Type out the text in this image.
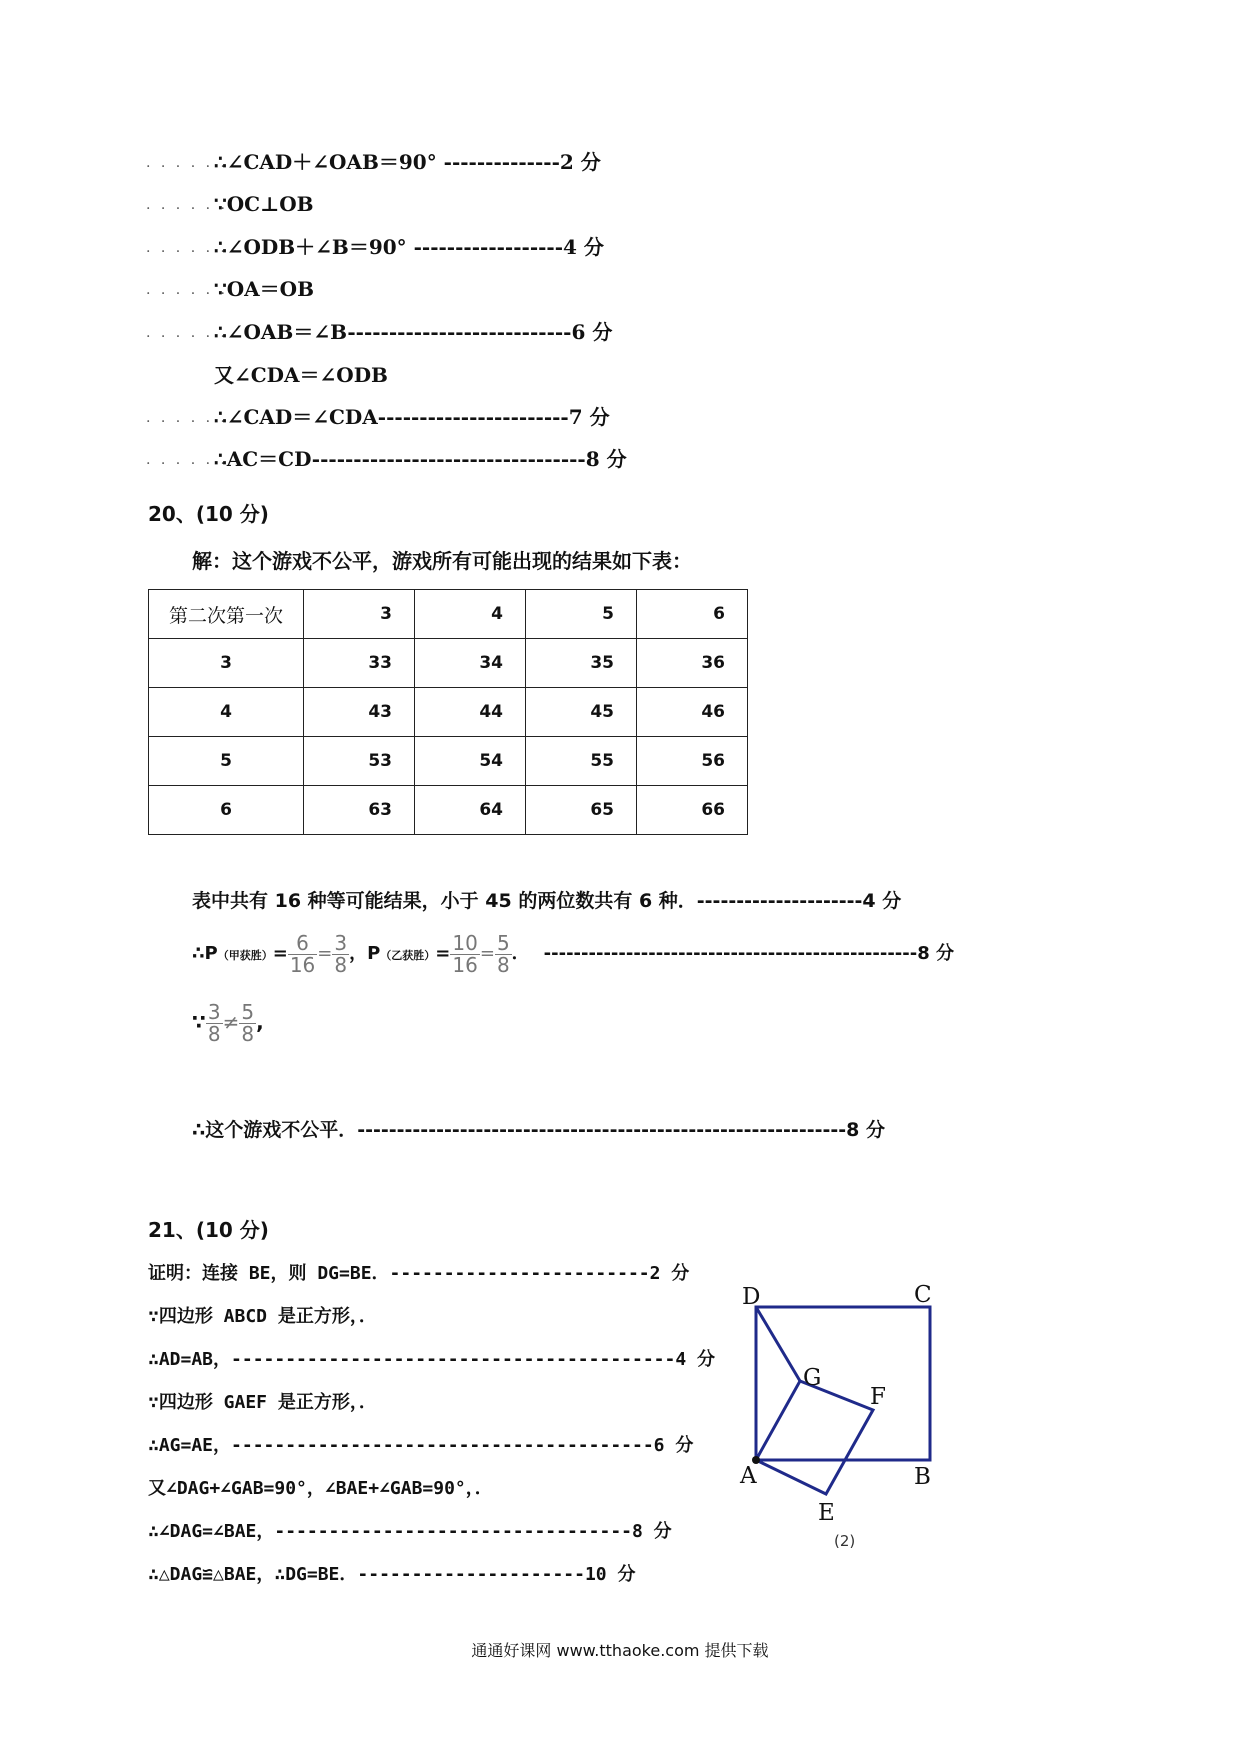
. . . . . .
∴∠CAD＋∠OAB＝90° --------------2 分
. . . . . .
∵OC⊥OB
. . . . . .
∴∠ODB＋∠B＝90° ------------------4 分
. . . . . .
∵OA＝OB
. . . . . .
∴∠OAB＝∠B---------------------------6 分
又∠CDA＝∠ODB
. . . . . .
∴∠CAD＝∠CDA-----------------------7 分
. . . . . .
∴AC＝CD---------------------------------8 分
20、(10 分)
解：这个游戏不公平，游戏所有可能出现的结果如下表：
第二次第一次	3	4	5	6
3	33	34	35	36
4	43	44	45	46
5	53	54	55	56
6	63	64	65	66
表中共有 16 种等可能结果，小于 45 的两位数共有 6 种．---------------------4 分
∴P（甲获胜）= $\frac{6}{16} = \frac{3}{8}$ ，P（乙获胜）= $\frac{10}{16} = \frac{5}{8}$ ． --------------------------------------------------8 分
∵ $\frac{3}{8} \ne \frac{5}{8}$ ,
∴这个游戏不公平．--------------------------------------------------------------8 分
21、(10 分)
证明：连接 BE，则 DG=BE．------------------------2 分
∵四边形 ABCD 是正方形，．
∴AD=AB，-----------------------------------------4 分
∵四边形 GAEF 是正方形，．
∴AG=AE，---------------------------------------6 分
又∠DAG+∠GAB=90°，∠BAE+∠GAB=90°，．
∴∠DAG=∠BAE，---------------------------------8 分
∴△DAG≌△BAE，∴DG=BE．---------------------10 分
D	C
G
F
A	B
E
(2)
通通好课网 www.tthaoke.com 提供下载
